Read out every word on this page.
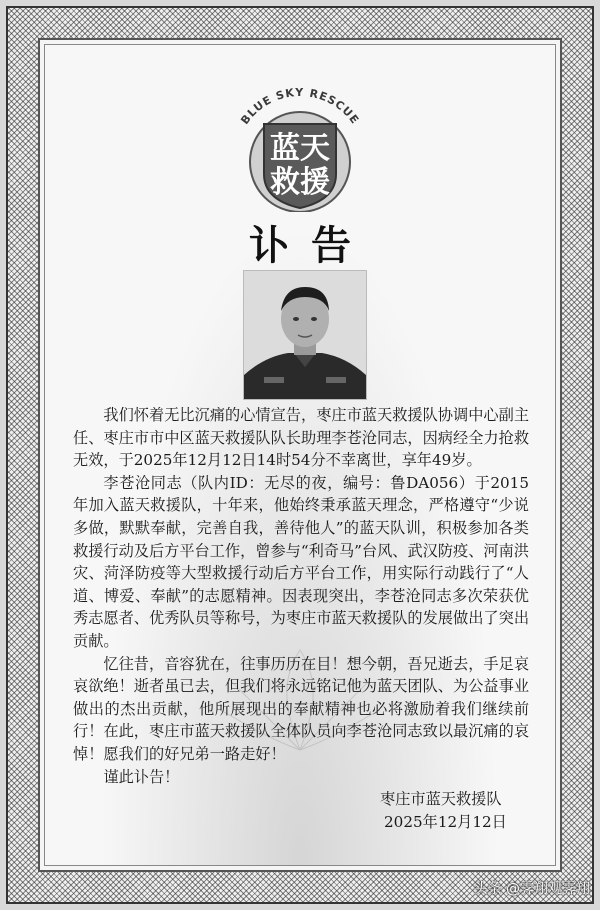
BLUE SKY RESCUE
蓝天
救援
讣告

我们怀着无比沉痛的心情宣告，枣庄市蓝天救援队协调中心副主任、枣庄市市中区蓝天救援队队长助理李苍沧同志，因病经全力抢救无效，于2025年12月12日14时54分不幸离世，享年49岁。

李苍沧同志（队内ID：无尽的夜，编号：鲁DA056）于2015年加入蓝天救援队，十年来，他始终秉承蓝天理念，严格遵守“少说多做，默默奉献，完善自我，善待他人”的蓝天队训，积极参加各类救援行动及后方平台工作，曾参与“利奇马”台风、武汉防疫、河南洪灾、菏泽防疫等大型救援行动后方平台工作，用实际行动践行了“人道、博爱、奉献”的志愿精神。因表现突出，李苍沧同志多次荣获优秀志愿者、优秀队员等称号，为枣庄市蓝天救援队的发展做出了突出贡献。

忆往昔，音容犹在，往事历历在目！想今朝，吾兄逝去，手足哀哀欲绝！逝者虽已去，但我们将永远铭记他为蓝天团队、为公益事业做出的杰出贡献，他所展现出的奉献精神也必将激励着我们继续前行！在此，枣庄市蓝天救援队全体队员向李苍沧同志致以最沉痛的哀悼！愿我们的好兄弟一路走好！

谨此讣告！

枣庄市蓝天救援队
2025年12月12日
头条 @霁翔观霁翔
